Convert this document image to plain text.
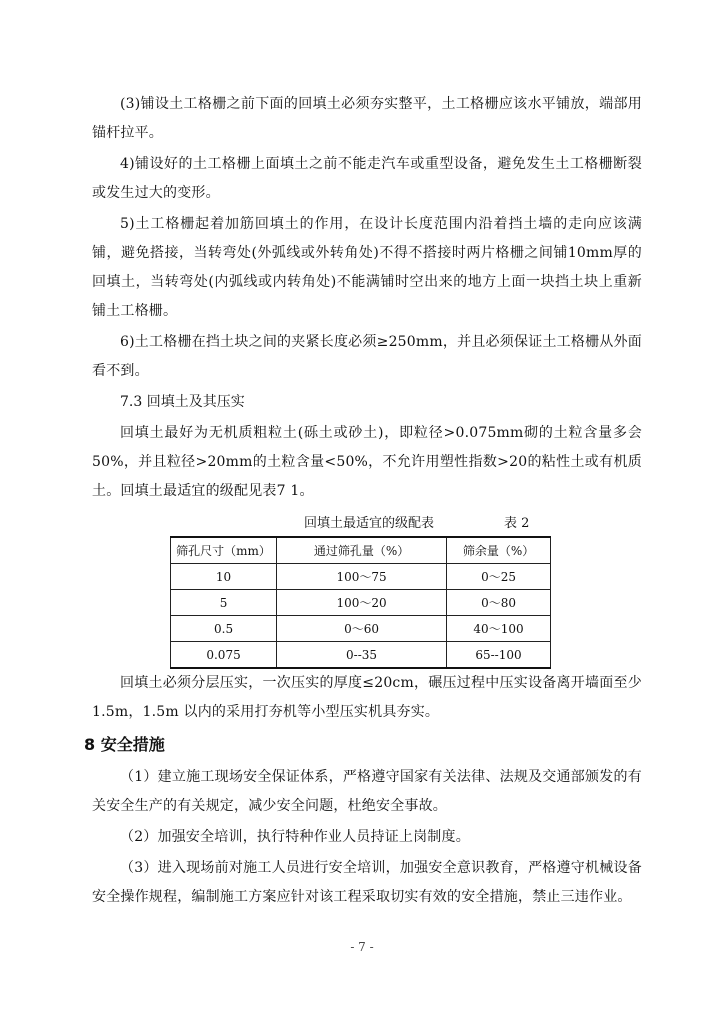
(3)铺设土工格栅之前下面的回填土必须夯实整平，土工格栅应该水平铺放，端部用锚杆拉平。

4)铺设好的土工格栅上面填土之前不能走汽车或重型设备，避免发生土工格栅断裂或发生过大的变形。

5)土工格栅起着加筋回填土的作用，在设计长度范围内沿着挡土墙的走向应该满铺，避免搭接，当转弯处(外弧线或外转角处)不得不搭接时两片格栅之间铺10mm厚的回填土，当转弯处(内弧线或内转角处)不能满铺时空出来的地方上面一块挡土块上重新铺土工格栅。

6)土工格栅在挡土块之间的夹紧长度必须≥250mm，并且必须保证土工格栅从外面看不到。

7.3 回填土及其压实

回填土最好为无机质粗粒土(砾土或砂土)，即粒径>0.075mm砌的土粒含量多会50%，并且粒径>20mm的土粒含量<50%，不允许用塑性指数>20的粘性土或有机质土。回填土最适宜的级配见表7 1。

回填土最适宜的级配表	表 2
筛孔尺寸（mm）	通过筛孔量（%）	筛余量（%）
10	100～75	0～25
5	100～20	0～80
0.5	0～60	40～100
0.075	0--35	65--100

回填土必须分层压实，一次压实的厚度≤20cm，碾压过程中压实设备离开墙面至少1.5m，1.5m 以内的采用打夯机等小型压实机具夯实。

8 安全措施

（1）建立施工现场安全保证体系，严格遵守国家有关法律、法规及交通部颁发的有关安全生产的有关规定，减少安全问题，杜绝安全事故。

（2）加强安全培训，执行特种作业人员持证上岗制度。

（3）进入现场前对施工人员进行安全培训，加强安全意识教育，严格遵守机械设备安全操作规程，编制施工方案应针对该工程采取切实有效的安全措施，禁止三违作业。

- 7 -
